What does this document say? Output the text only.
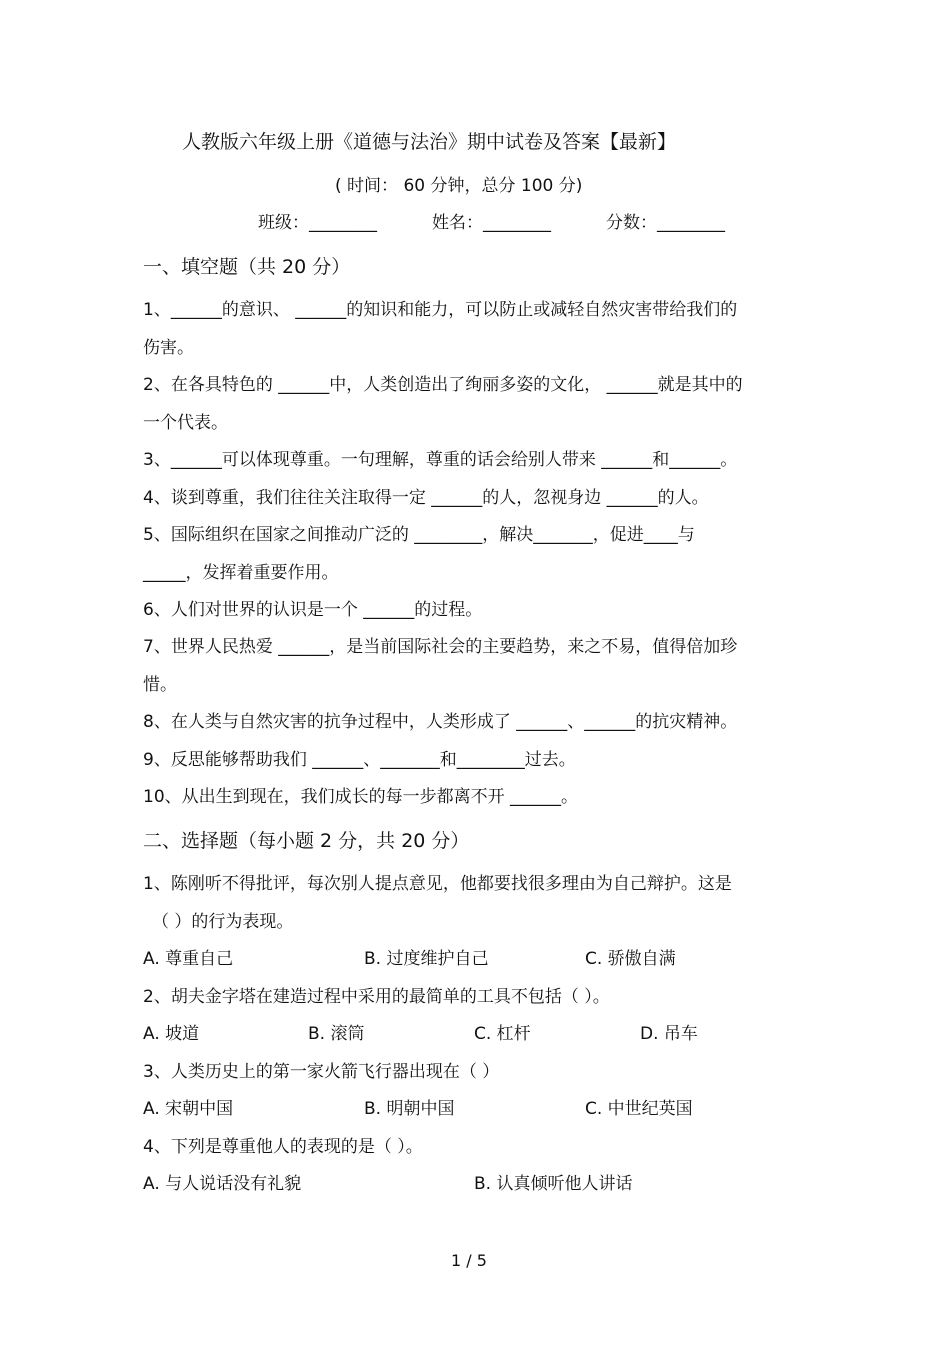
人教版六年级上册《道德与法治》期中试卷及答案【最新】
( 时间： 60 分钟，总分 100 分)
班级：________	姓名：________	分数：________
一、填空题（共 20 分）
1、______的意识、 ______的知识和能力，可以防止或减轻自然灾害带给我们的
伤害。
2、在各具特色的 ______中，人类创造出了绚丽多姿的文化， ______就是其中的
一个代表。
3、______可以体现尊重。一句理解，尊重的话会给别人带来 ______和______。
4、谈到尊重，我们往往关注取得一定 ______的人，忽视身边 ______的人。
5、国际组织在国家之间推动广泛的 ________，解决_______，促进____与
_____，发挥着重要作用。
6、人们对世界的认识是一个 ______的过程。
7、世界人民热爱 ______，是当前国际社会的主要趋势，来之不易，值得倍加珍
惜。
8、在人类与自然灾害的抗争过程中，人类形成了 ______、______的抗灾精神。
9、反思能够帮助我们 ______、_______和________过去。
10、从出生到现在，我们成长的每一步都离不开 ______。
二、选择题（每小题 2 分，共 20 分）
1、陈刚听不得批评，每次别人提点意见，他都要找很多理由为自己辩护。这是
（ ）的行为表现。
A. 尊重自己	B. 过度维护自己	C. 骄傲自满
2、胡夫金字塔在建造过程中采用的最简单的工具不包括（ ）。
A. 坡道	B. 滚筒	C. 杠杆	D. 吊车
3、人类历史上的第一家火箭飞行器出现在（ ）
A. 宋朝中国	B. 明朝中国	C. 中世纪英国
4、下列是尊重他人的表现的是（ ）。
A. 与人说话没有礼貌	B. 认真倾听他人讲话
1 / 5
